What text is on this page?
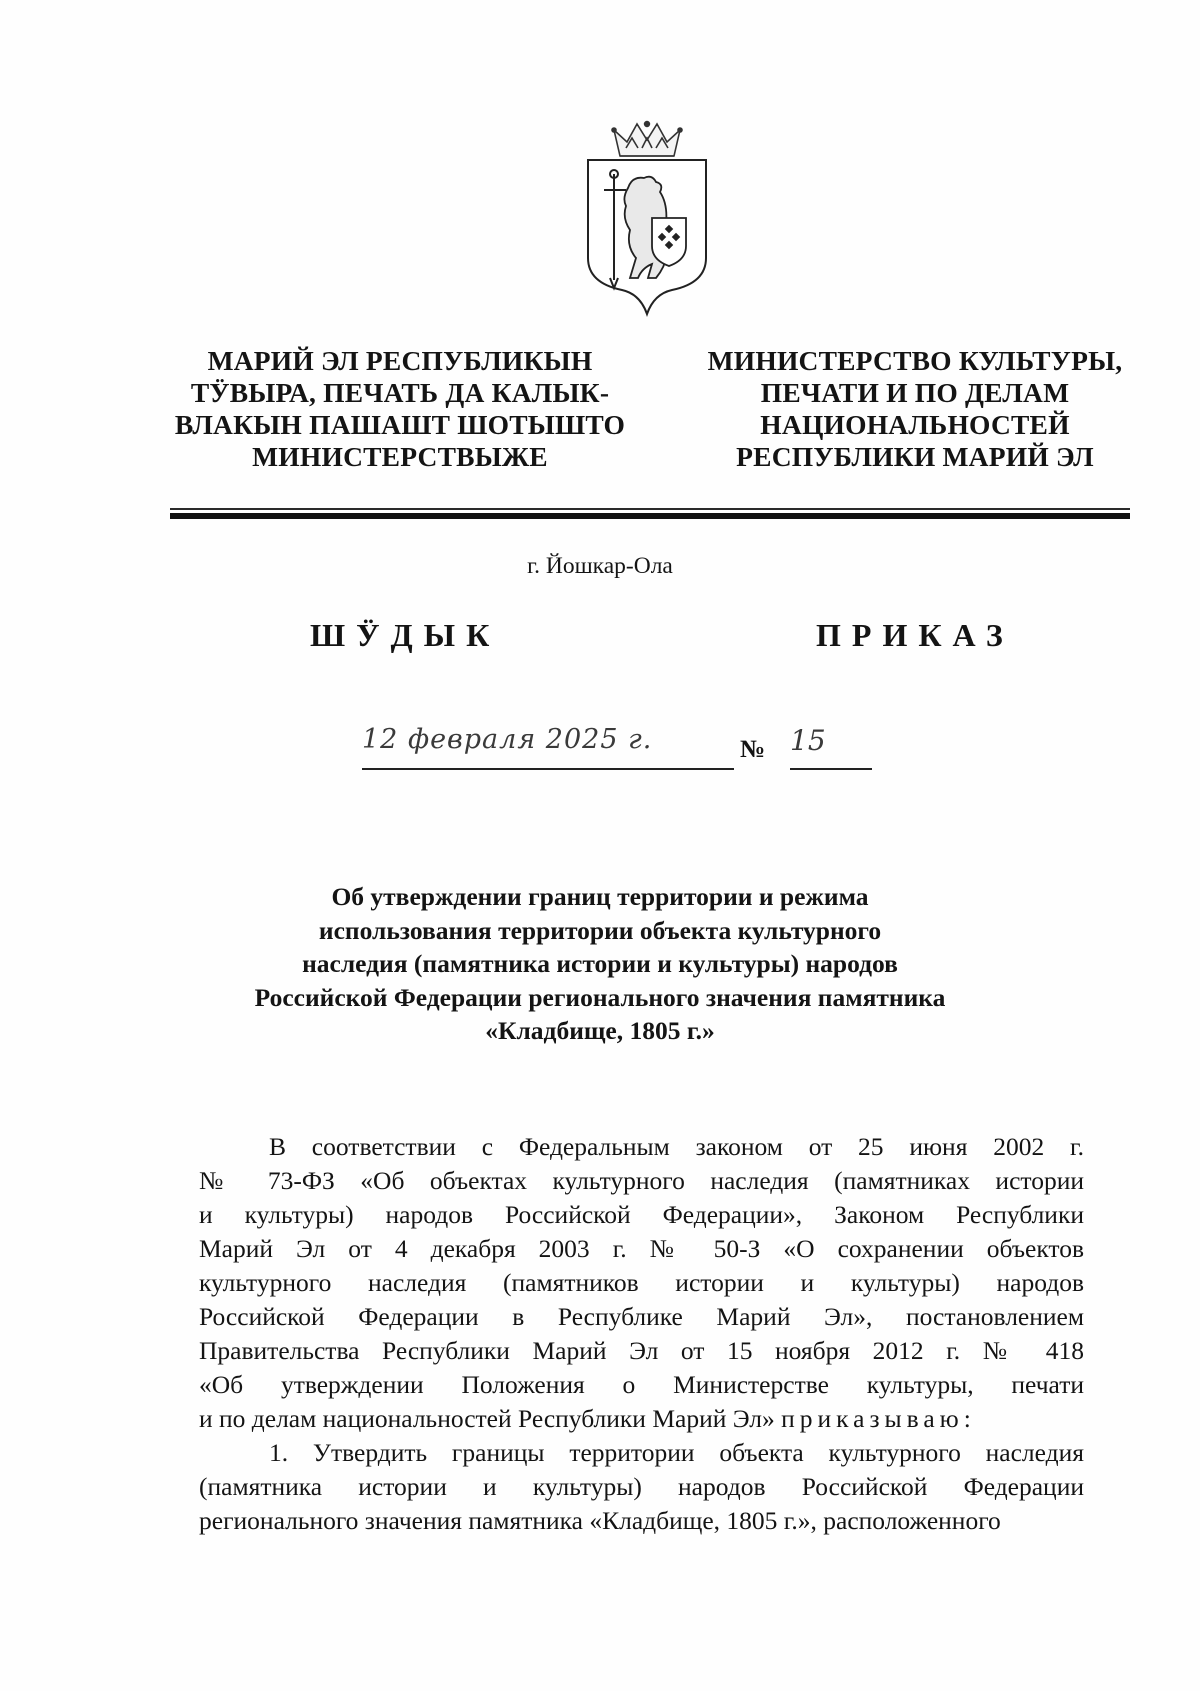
МАРИЙ ЭЛ РЕСПУБЛИКЫН
ТӰВЫРА, ПЕЧАТЬ ДА КАЛЫК-
ВЛАКЫН ПАШАШТ ШОТЫШТО
МИНИСТЕРСТВЫЖЕ
МИНИСТЕРСТВО КУЛЬТУРЫ,
ПЕЧАТИ И ПО ДЕЛАМ
НАЦИОНАЛЬНОСТЕЙ
РЕСПУБЛИКИ МАРИЙ ЭЛ
г. Йошкар-Ола
ШӰДЫК	ПРИКАЗ
12 февраля 2025 г.	№ 15
Об утверждении границ территории и режима
использования территории объекта культурного
наследия (памятника истории и культуры) народов
Российской Федерации регионального значения памятника
«Кладбище, 1805 г.»
В соответствии с Федеральным законом от 25 июня 2002 г.
№ 73-ФЗ «Об объектах культурного наследия (памятниках истории
и культуры) народов Российской Федерации», Законом Республики
Марий Эл от 4 декабря 2003 г. № 50-З «О сохранении объектов
культурного наследия (памятников истории и культуры) народов
Российской Федерации в Республике Марий Эл», постановлением
Правительства Республики Марий Эл от 15 ноября 2012 г. № 418
«Об утверждении Положения о Министерстве культуры, печати
и по делам национальностей Республики Марий Эл» приказываю:
1. Утвердить границы территории объекта культурного наследия
(памятника истории и культуры) народов Российской Федерации
регионального значения памятника «Кладбище, 1805 г.», расположенного
